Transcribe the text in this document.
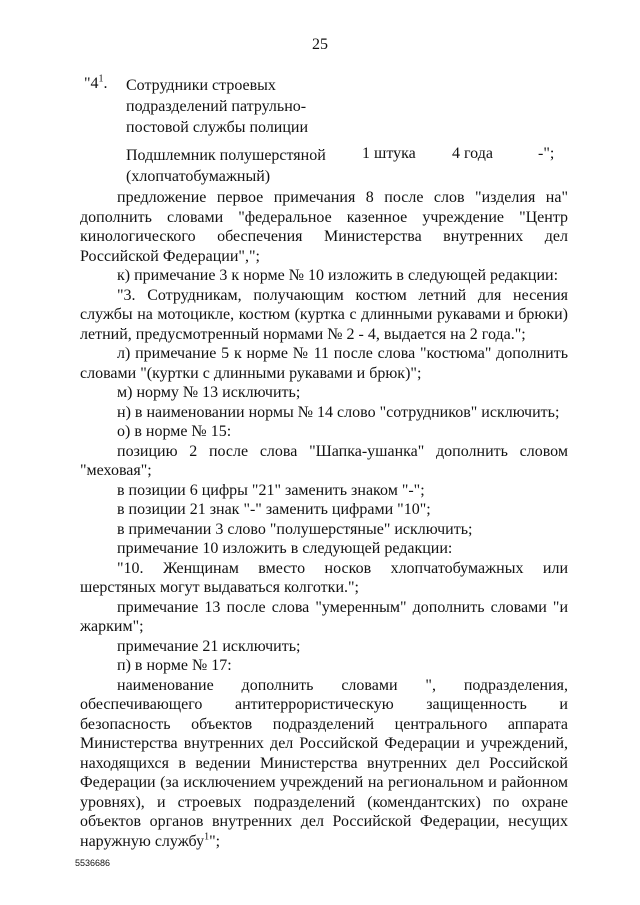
25
"$4^1$. Сотрудники строевых
подразделений патрульно-
постовой службы полиции
Подшлемник полушерстяной
(хлопчатобумажный)
1 штука 4 года	-";

предложение первое примечания 8 после слов "изделия на" дополнить словами "федеральное казенное учреждение "Центр кинологического обеспечения Министерства внутренних дел Российской Федерации",";

к) примечание 3 к норме № 10 изложить в следующей редакции:

"3. Сотрудникам, получающим костюм летний для несения службы на мотоцикле, костюм (куртка с длинными рукавами и брюки) летний, предусмотренный нормами № 2 - 4, выдается на 2 года.";

л) примечание 5 к норме № 11 после слова "костюма" дополнить словами "(куртки с длинными рукавами и брюк)";

м) норму № 13 исключить;

н) в наименовании нормы № 14 слово "сотрудников" исключить;

о) в норме № 15:

позицию 2 после слова "Шапка-ушанка" дополнить словом "меховая";

в позиции 6 цифры "21" заменить знаком "-";

в позиции 21 знак "-" заменить цифрами "10";

в примечании 3 слово "полушерстяные" исключить;

примечание 10 изложить в следующей редакции:

"10. Женщинам вместо носков хлопчатобумажных или шерстяных могут выдаваться колготки.";

примечание 13 после слова "умеренным" дополнить словами "и жарким";

примечание 21 исключить;

п) в норме № 17:

наименование дополнить словами ", подразделения, обеспечивающего антитеррористическую защищенность и безопасность объектов подразделений центрального аппарата Министерства внутренних дел Российской Федерации и учреждений, находящихся в ведении Министерства внутренних дел Российской Федерации (за исключением учреждений на региональном и районном уровнях), и строевых подразделений (комендантских) по охране объектов органов внутренних дел Российской Федерации, несущих наружную службу$^1$";

5536686
